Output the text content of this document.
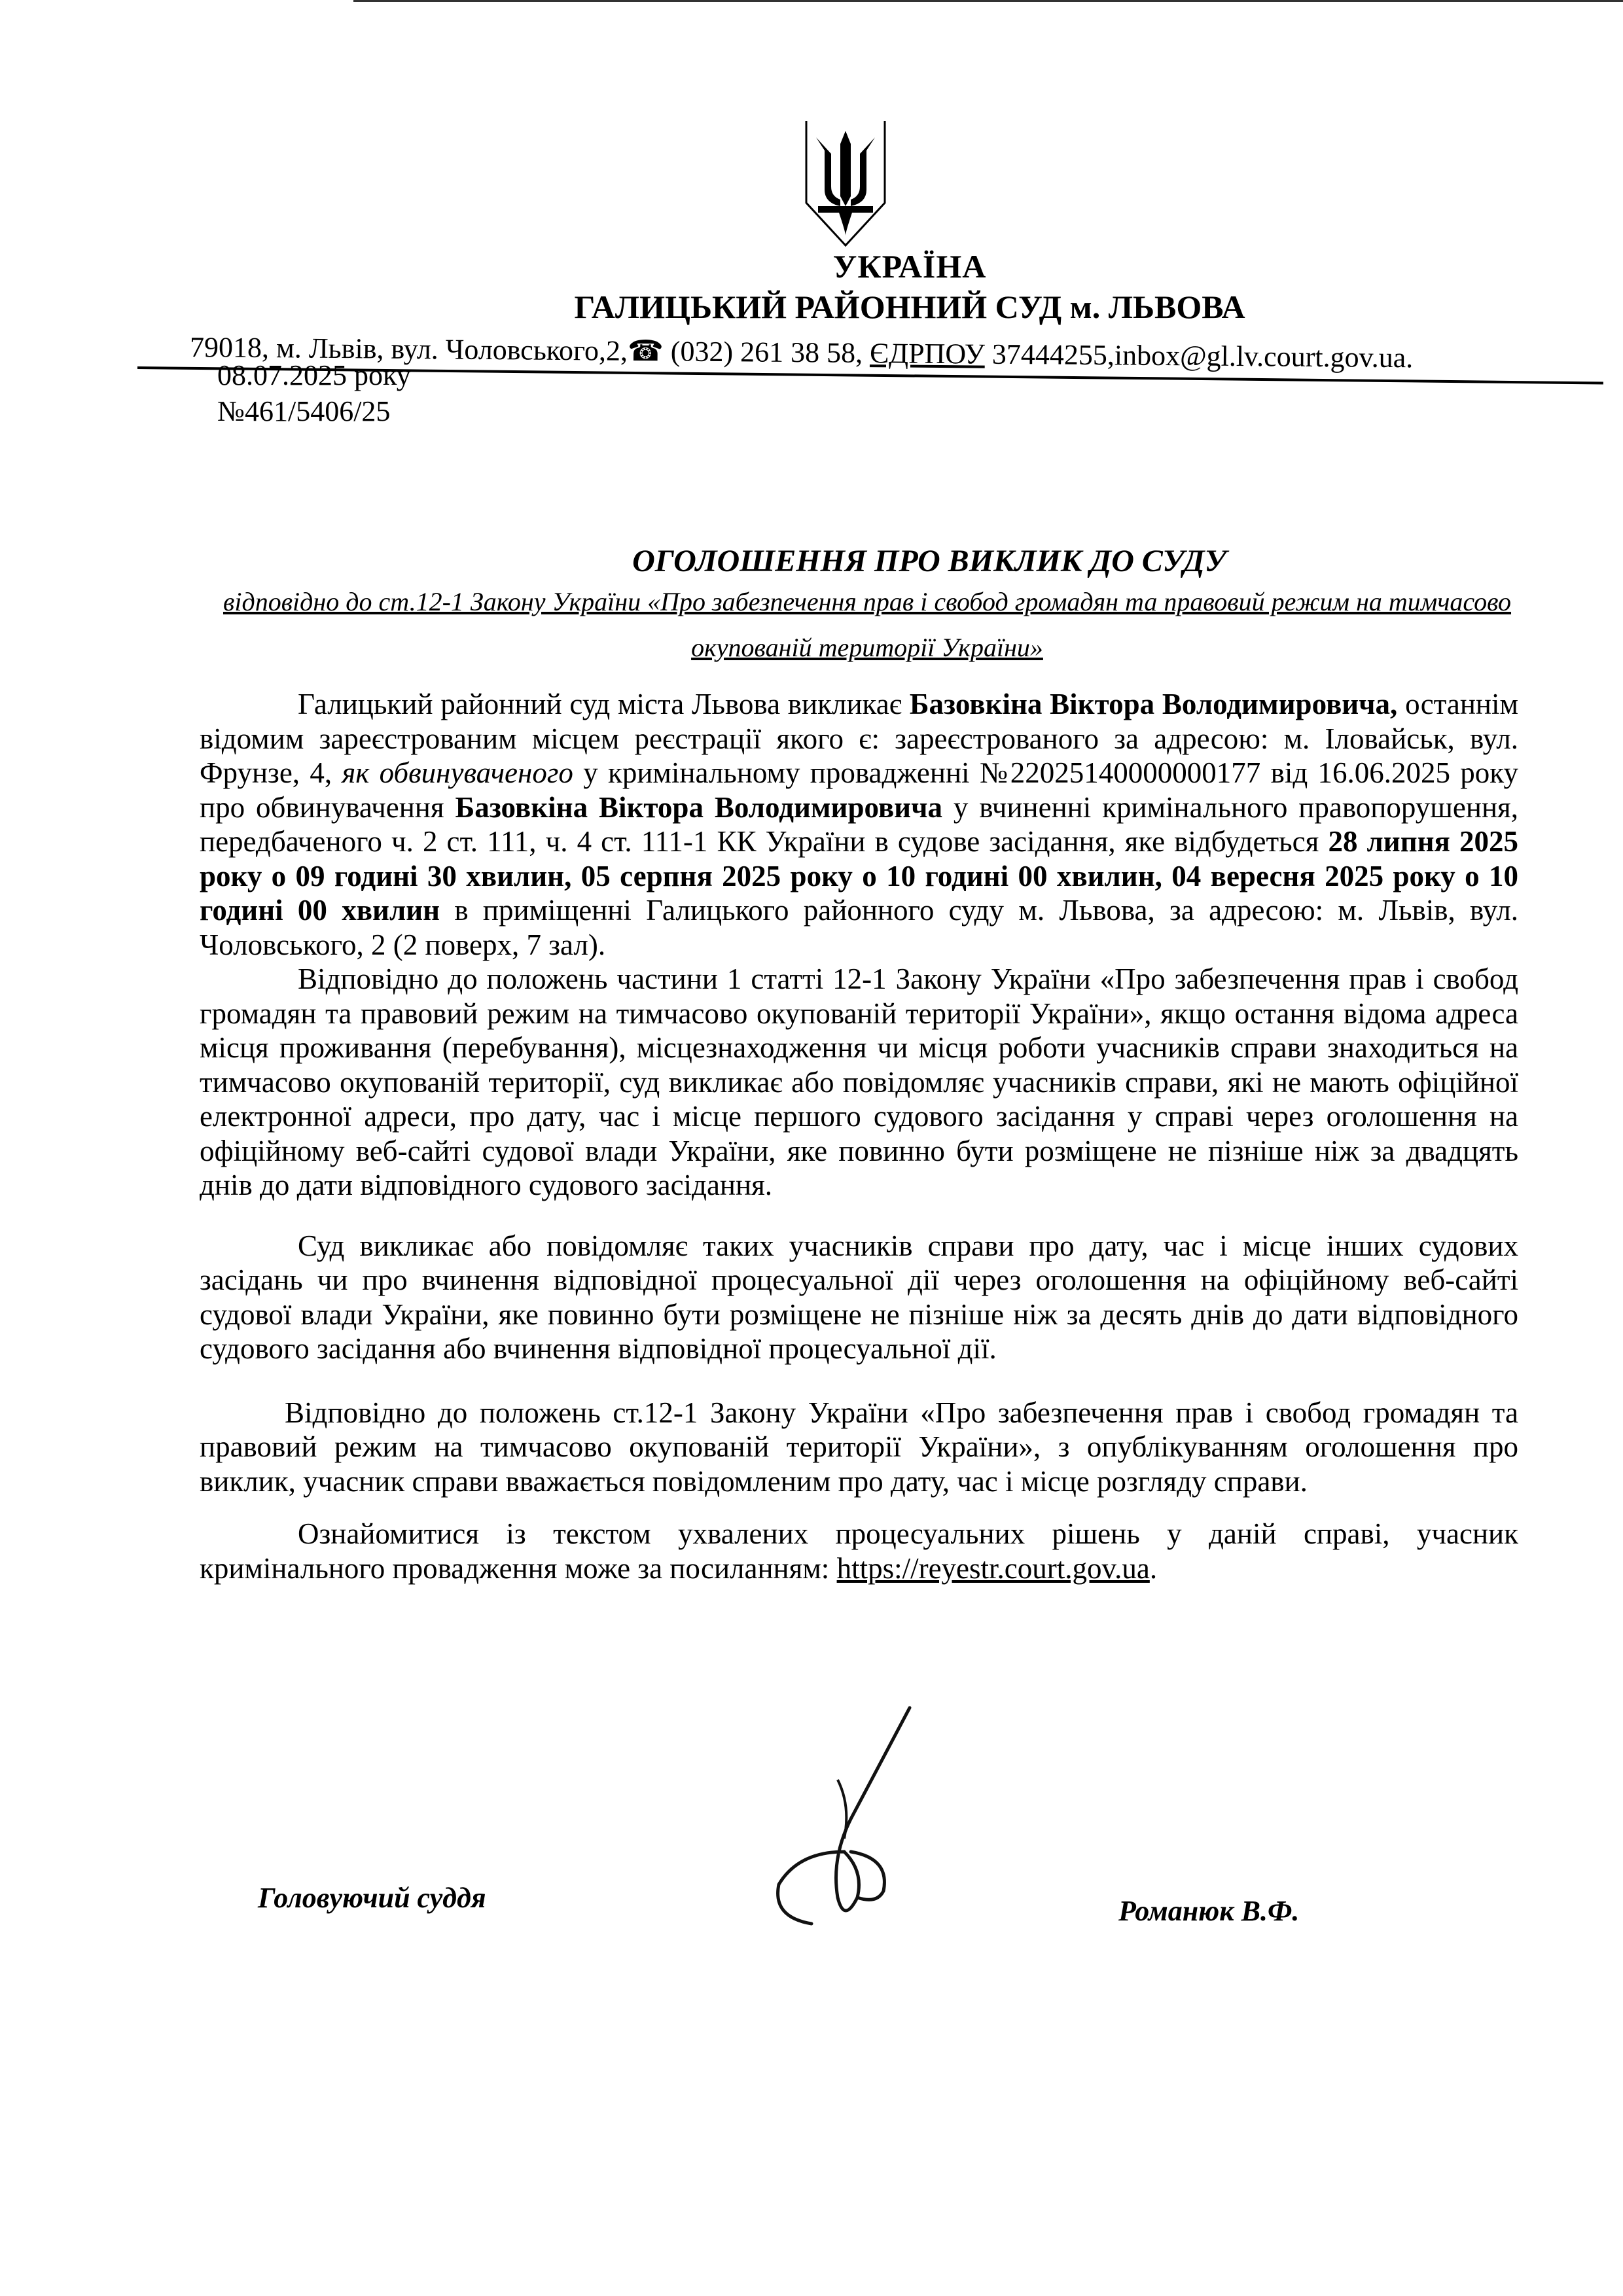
УКРАЇНА
ГАЛИЦЬКИЙ РАЙОННИЙ СУД м. ЛЬВОВА
79018, м. Львів, вул. Чоловського,2,☎ (032) 261 38 58, ЄДРПОУ 37444255,inbox@gl.lv.court.gov.ua.
08.07.2025 року
№461/5406/25
ОГОЛОШЕННЯ ПРО ВИКЛИК ДО СУДУ
відповідно до ст.12-1 Закону України «Про забезпечення прав і свобод громадян та правовий режим на тимчасово окупованій території України»

Галицький районний суд міста Львова викликає Базовкіна Віктора Володимировича, останнім відомим зареєстрованим місцем реєстрації якого є: зареєстрованого за адресою: м. Іловайськ, вул. Фрунзе, 4, як обвинуваченого у кримінальному провадженні №22025140000000177 від 16.06.2025 року про обвинувачення Базовкіна Віктора Володимировича у вчиненні кримінального правопорушення, передбаченого ч. 2 ст. 111, ч. 4 ст. 111-1 КК України в судове засідання, яке відбудеться 28 липня 2025 року о 09 годині 30 хвилин, 05 серпня 2025 року о 10 годині 00 хвилин, 04 вересня 2025 року о 10 годині 00 хвилин в приміщенні Галицького районного суду м. Львова, за адресою: м. Львів, вул. Чоловського, 2 (2 поверх, 7 зал).

Відповідно до положень частини 1 статті 12-1 Закону України «Про забезпечення прав і свобод громадян та правовий режим на тимчасово окупованій території України», якщо остання відома адреса місця проживання (перебування), місцезнаходження чи місця роботи учасників справи знаходиться на тимчасово окупованій території, суд викликає або повідомляє учасників справи, які не мають офіційної електронної адреси, про дату, час і місце першого судового засідання у справі через оголошення на офіційному веб-сайті судової влади України, яке повинно бути розміщене не пізніше ніж за двадцять днів до дати відповідного судового засідання.

Суд викликає або повідомляє таких учасників справи про дату, час і місце інших судових засідань чи про вчинення відповідної процесуальної дії через оголошення на офіційному веб-сайті судової влади України, яке повинно бути розміщене не пізніше ніж за десять днів до дати відповідного судового засідання або вчинення відповідної процесуальної дії.

Відповідно до положень ст.12-1 Закону України «Про забезпечення прав і свобод громадян та правовий режим на тимчасово окупованій території України», з опублікуванням оголошення про виклик, учасник справи вважається повідомленим про дату, час і місце розгляду справи.

Ознайомитися із текстом ухвалених процесуальних рішень у даній справі, учасник кримінального провадження може за посиланням: https://reyestr.court.gov.ua.

Головуючий суддя	Романюк В.Ф.
